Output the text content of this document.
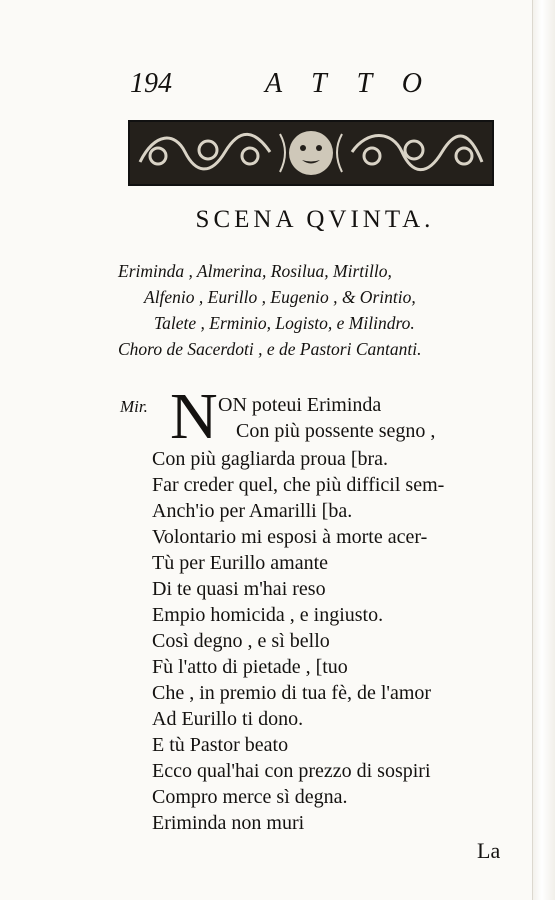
194	ATTO
SCENA QVINTA.
Eriminda , Almerina, Rosilua, Mirtillo,
Alfenio , Eurillo , Eugenio , & Orintio,
Talete , Erminio, Logisto, e Milindro.
Choro de Sacerdoti , e de Pastori Cantanti.
Mir. N ON poteui Eriminda
Con più possente segno ,
Con più gagliarda proua [bra.
Far creder quel, che più difficil sem-
Anch'io per Amarilli [ba.
Volontario mi esposi à morte acer-
Tù per Eurillo amante
Di te quasi m'hai reso
Empio homicida , e ingiusto.
Così degno , e sì bello
Fù l'atto di pietade , [tuo
Che , in premio di tua fè, de l'amor
Ad Eurillo ti dono.
E tù Pastor beato
Ecco qual'hai con prezzo di sospiri
Compro merce sì degna.
Eriminda non muri
La
